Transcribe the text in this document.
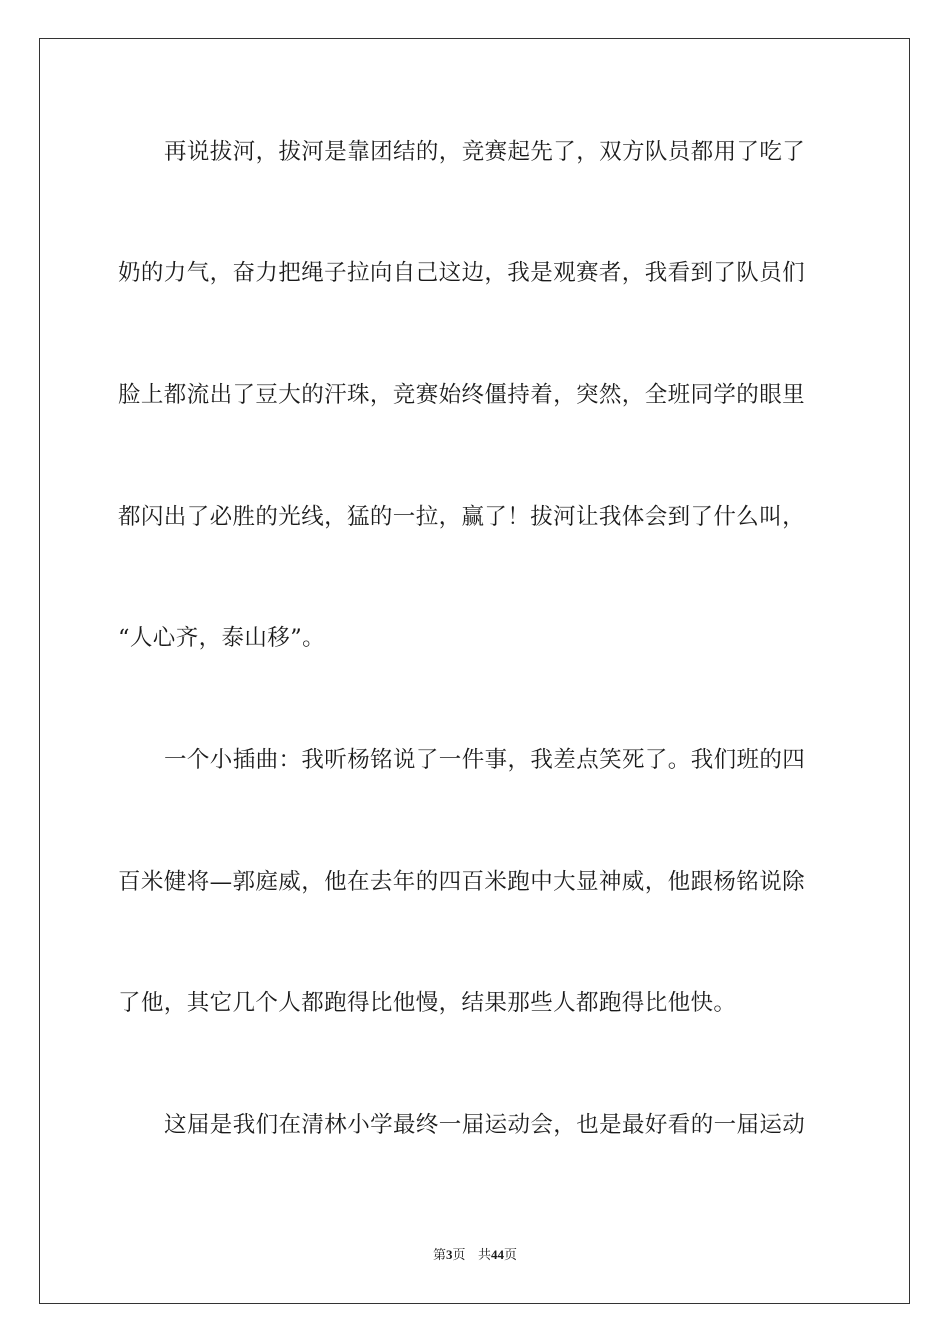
再说拔河，拔河是靠团结的，竞赛起先了，双方队员都用了吃了
奶的力气，奋力把绳子拉向自己这边，我是观赛者，我看到了队员们
脸上都流出了豆大的汗珠，竞赛始终僵持着，突然，全班同学的眼里
都闪出了必胜的光线，猛的一拉，赢了！拔河让我体会到了什么叫，
“人心齐，泰山移”。
一个小插曲：我听杨铭说了一件事，我差点笑死了。我们班的四
百米健将—郭庭威，他在去年的四百米跑中大显神威，他跟杨铭说除
了他，其它几个人都跑得比他慢，结果那些人都跑得比他快。
这届是我们在清林小学最终一届运动会，也是最好看的一届运动
第3页 共44页
